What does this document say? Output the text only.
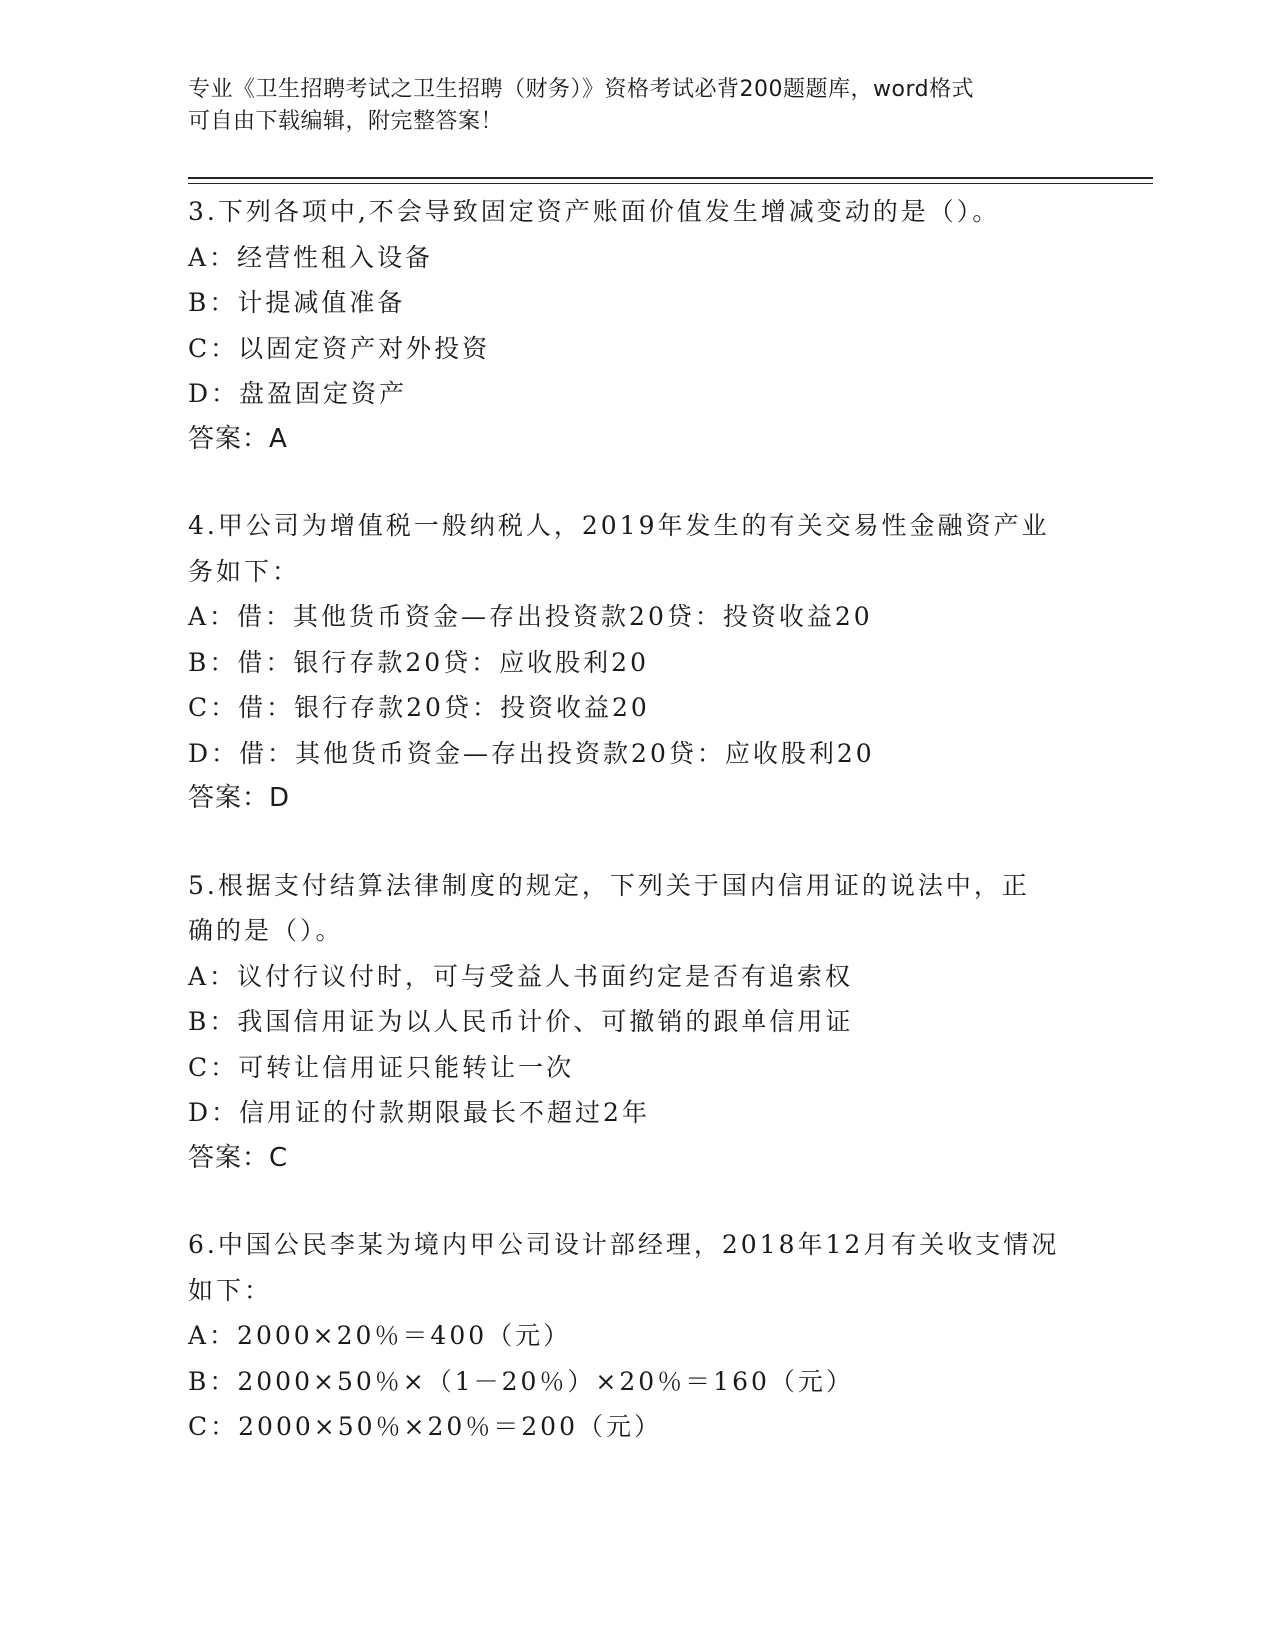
专业《卫生招聘考试之卫生招聘（财务）》资格考试必背200题题库，word格式
可自由下载编辑，附完整答案！
3.下列各项中,不会导致固定资产账面价值发生增减变动的是（）。
A：经营性租入设备
B：计提减值准备
C：以固定资产对外投资
D：盘盈固定资产
答案：A
4.甲公司为增值税一般纳税人，2019年发生的有关交易性金融资产业
务如下：
A：借：其他货币资金—存出投资款20贷：投资收益20
B：借：银行存款20贷：应收股利20
C：借：银行存款20贷：投资收益20
D：借：其他货币资金—存出投资款20贷：应收股利20
答案：D
5.根据支付结算法律制度的规定，下列关于国内信用证的说法中，正
确的是（）。
A：议付行议付时，可与受益人书面约定是否有追索权
B：我国信用证为以人民币计价、可撤销的跟单信用证
C：可转让信用证只能转让一次
D：信用证的付款期限最长不超过2年
答案：C
6.中国公民李某为境内甲公司设计部经理，2018年12月有关收支情况
如下：
A：2000×20％＝400（元）
B：2000×50％×（1－20％）×20％＝160（元）
C：2000×50％×20％＝200（元）
